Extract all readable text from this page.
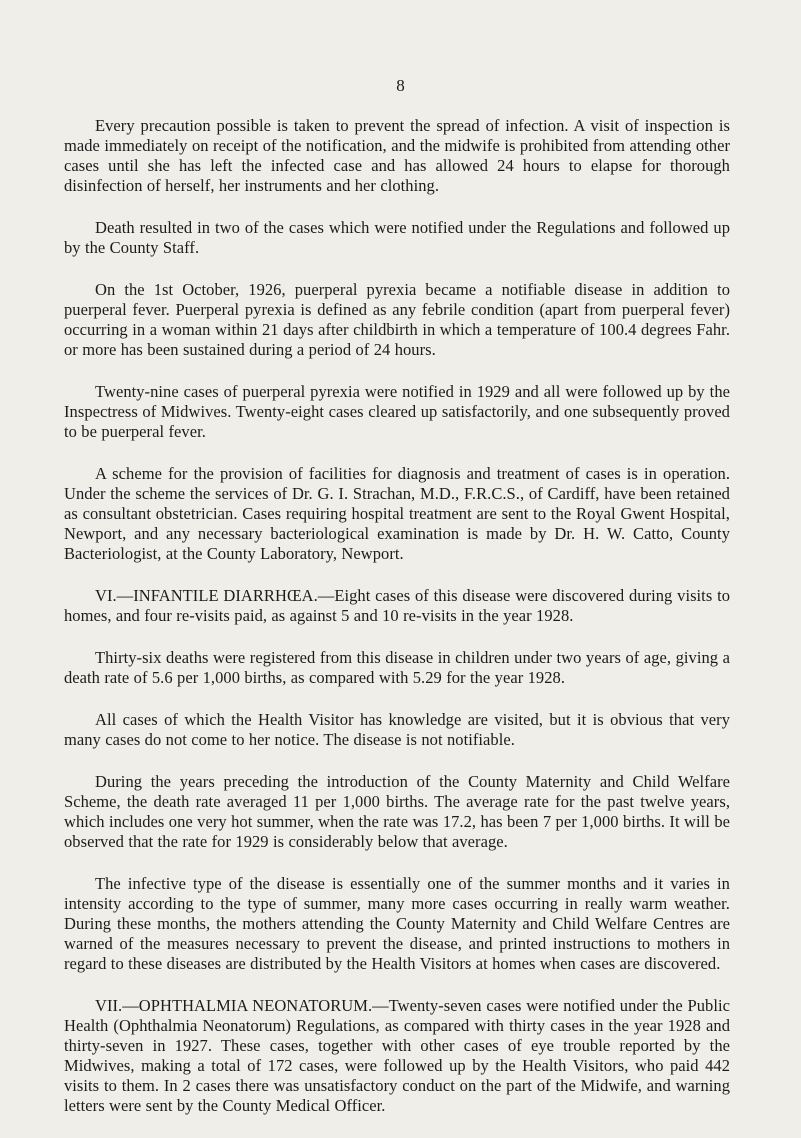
8

Every precaution possible is taken to prevent the spread of infection. A visit of inspection is made immediately on receipt of the notification, and the midwife is prohibited from attending other cases until she has left the infected case and has allowed 24 hours to elapse for thorough disinfection of herself, her instruments and her clothing.

Death resulted in two of the cases which were notified under the Regulations and followed up by the County Staff.

On the 1st October, 1926, puerperal pyrexia became a notifiable disease in addition to puerperal fever. Puerperal pyrexia is defined as any febrile condition (apart from puerperal fever) occurring in a woman within 21 days after childbirth in which a temperature of 100.4 degrees Fahr. or more has been sustained during a period of 24 hours.

Twenty-nine cases of puerperal pyrexia were notified in 1929 and all were followed up by the Inspectress of Midwives. Twenty-eight cases cleared up satisfactorily, and one subsequently proved to be puerperal fever.

A scheme for the provision of facilities for diagnosis and treatment of cases is in operation. Under the scheme the services of Dr. G. I. Strachan, M.D., F.R.C.S., of Cardiff, have been retained as consultant obstetrician. Cases requiring hospital treatment are sent to the Royal Gwent Hospital, Newport, and any necessary bacteriological examination is made by Dr. H. W. Catto, County Bacteriologist, at the County Laboratory, Newport.

VI.—INFANTILE DIARRHŒA.—Eight cases of this disease were discovered during visits to homes, and four re-visits paid, as against 5 and 10 re-visits in the year 1928.

Thirty-six deaths were registered from this disease in children under two years of age, giving a death rate of 5.6 per 1,000 births, as compared with 5.29 for the year 1928.

All cases of which the Health Visitor has knowledge are visited, but it is obvious that very many cases do not come to her notice. The disease is not notifiable.

During the years preceding the introduction of the County Maternity and Child Welfare Scheme, the death rate averaged 11 per 1,000 births. The average rate for the past twelve years, which includes one very hot summer, when the rate was 17.2, has been 7 per 1,000 births. It will be observed that the rate for 1929 is considerably below that average.

The infective type of the disease is essentially one of the summer months and it varies in intensity according to the type of summer, many more cases occurring in really warm weather. During these months, the mothers attending the County Maternity and Child Welfare Centres are warned of the measures necessary to prevent the disease, and printed instructions to mothers in regard to these diseases are distributed by the Health Visitors at homes when cases are discovered.

VII.—OPHTHALMIA NEONATORUM.—Twenty-seven cases were notified under the Public Health (Ophthalmia Neonatorum) Regulations, as compared with thirty cases in the year 1928 and thirty-seven in 1927. These cases, together with other cases of eye trouble reported by the Midwives, making a total of 172 cases, were followed up by the Health Visitors, who paid 442 visits to them. In 2 cases there was unsatisfactory conduct on the part of the Midwife, and warning letters were sent by the County Medical Officer.
